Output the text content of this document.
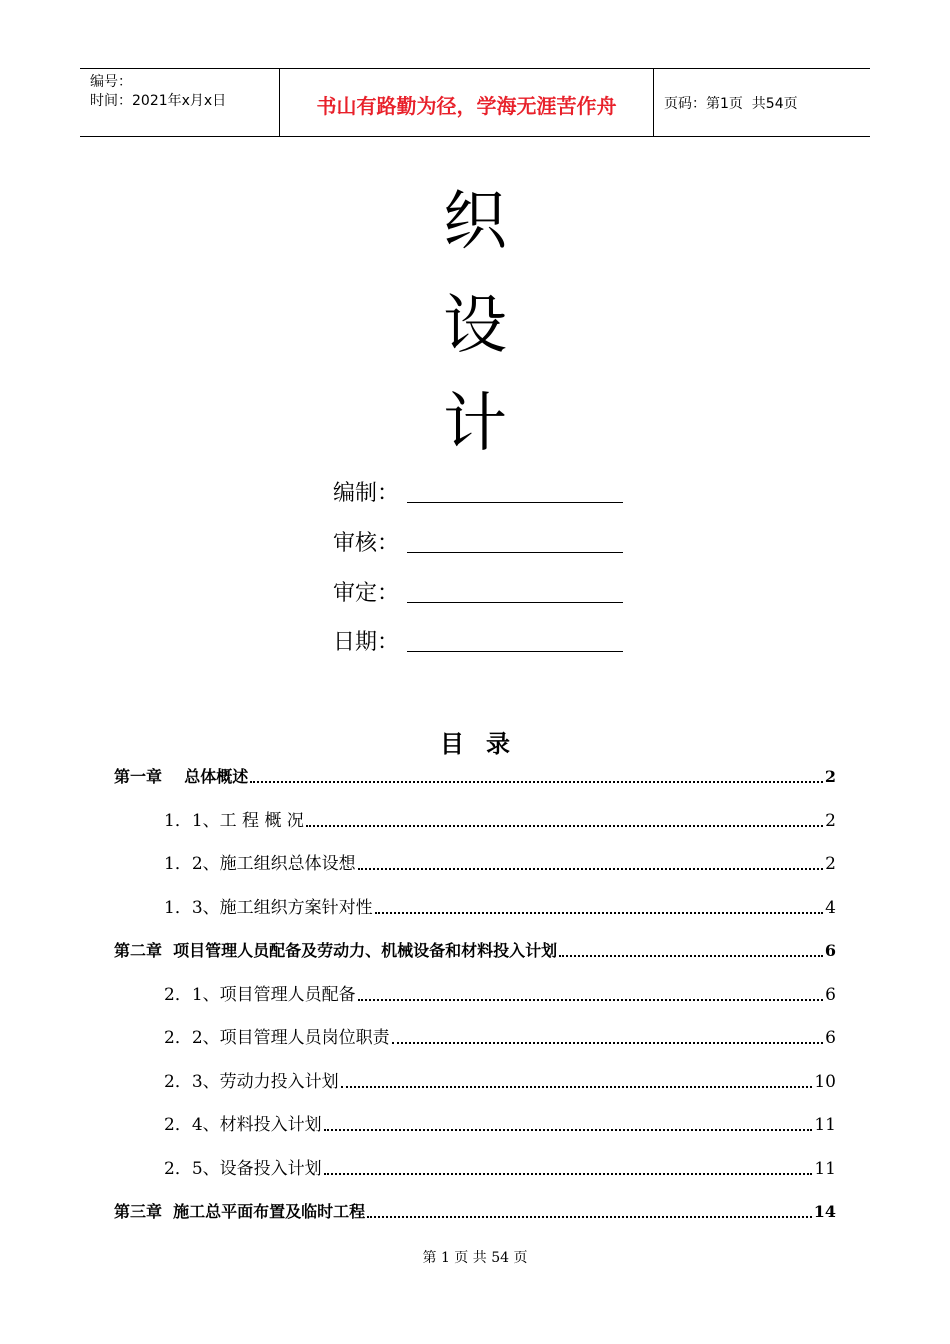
编号：
时间：2021年x月x日	书山有路勤为径，学海无涯苦作舟	页码：第1页  共54页
织
设
计
编制：
审核：
审定：
日期：
目录
第一章    总体概述	2
1．1、工 程 概 况	2
1．2、施工组织总体设想	2
1．3、施工组织方案针对性	4
第二章  项目管理人员配备及劳动力、机械设备和材料投入计划	6
2．1、项目管理人员配备	6
2．2、项目管理人员岗位职责	6
2．3、劳动力投入计划	10
2．4、材料投入计划	11
2．5、设备投入计划	11
第三章  施工总平面布置及临时工程	14
第 1 页 共 54 页
